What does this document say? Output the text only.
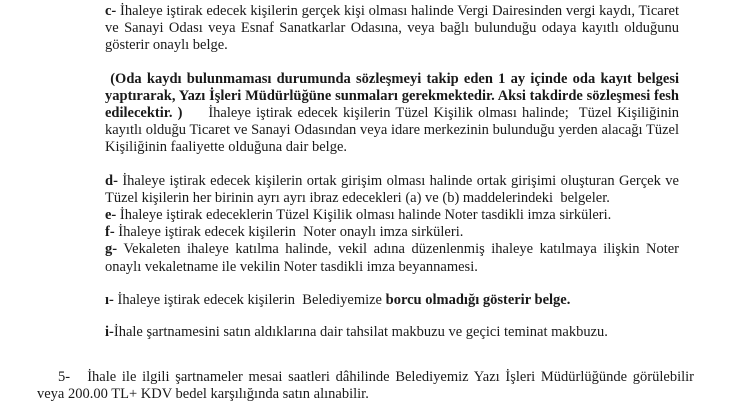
c- İhaleye iştirak edecek kişilerin gerçek kişi olması halinde Vergi Dairesinden vergi kaydı, Ticaret ve Sanayi Odası veya Esnaf Sanatkarlar Odasına, veya bağlı bulunduğu odaya kayıtlı olduğunu gösterir onaylı belge.

(Oda kaydı bulunmaması durumunda sözleşmeyi takip eden 1 ay içinde oda kayıt belgesi yaptırarak, Yazı İşleri Müdürlüğüne sunmaları gerekmektedir. Aksi takdirde sözleşmesi fesh edilecektir. )     İhaleye iştirak edecek kişilerin Tüzel Kişilik olması halinde;  Tüzel Kişiliğinin kayıtlı olduğu Ticaret ve Sanayi Odasından veya idare merkezinin bulunduğu yerden alacağı Tüzel Kişiliğinin faaliyette olduğuna dair belge.

d- İhaleye iştirak edecek kişilerin ortak girişim olması halinde ortak girişimi oluşturan Gerçek ve Tüzel kişilerin her birinin ayrı ayrı ibraz edecekleri (a) ve (b) maddelerindeki  belgeler.

e- İhaleye iştirak edeceklerin Tüzel Kişilik olması halinde Noter tasdikli imza sirküleri.

f- İhaleye iştirak edecek kişilerin  Noter onaylı imza sirküleri.

g- Vekaleten ihaleye katılma halinde, vekil adına düzenlenmiş ihaleye katılmaya ilişkin Noter onaylı vekaletname ile vekilin Noter tasdikli imza beyannamesi.

ı- İhaleye iştirak edecek kişilerin  Belediyemize borcu olmadığı gösterir belge.

i-İhale şartnamesini satın aldıklarına dair tahsilat makbuzu ve geçici teminat makbuzu.

5-   İhale ile ilgili şartnameler mesai saatleri dâhilinde Belediyemiz Yazı İşleri Müdürlüğünde görülebilir veya 200.00 TL+ KDV bedel karşılığında satın alınabilir.
